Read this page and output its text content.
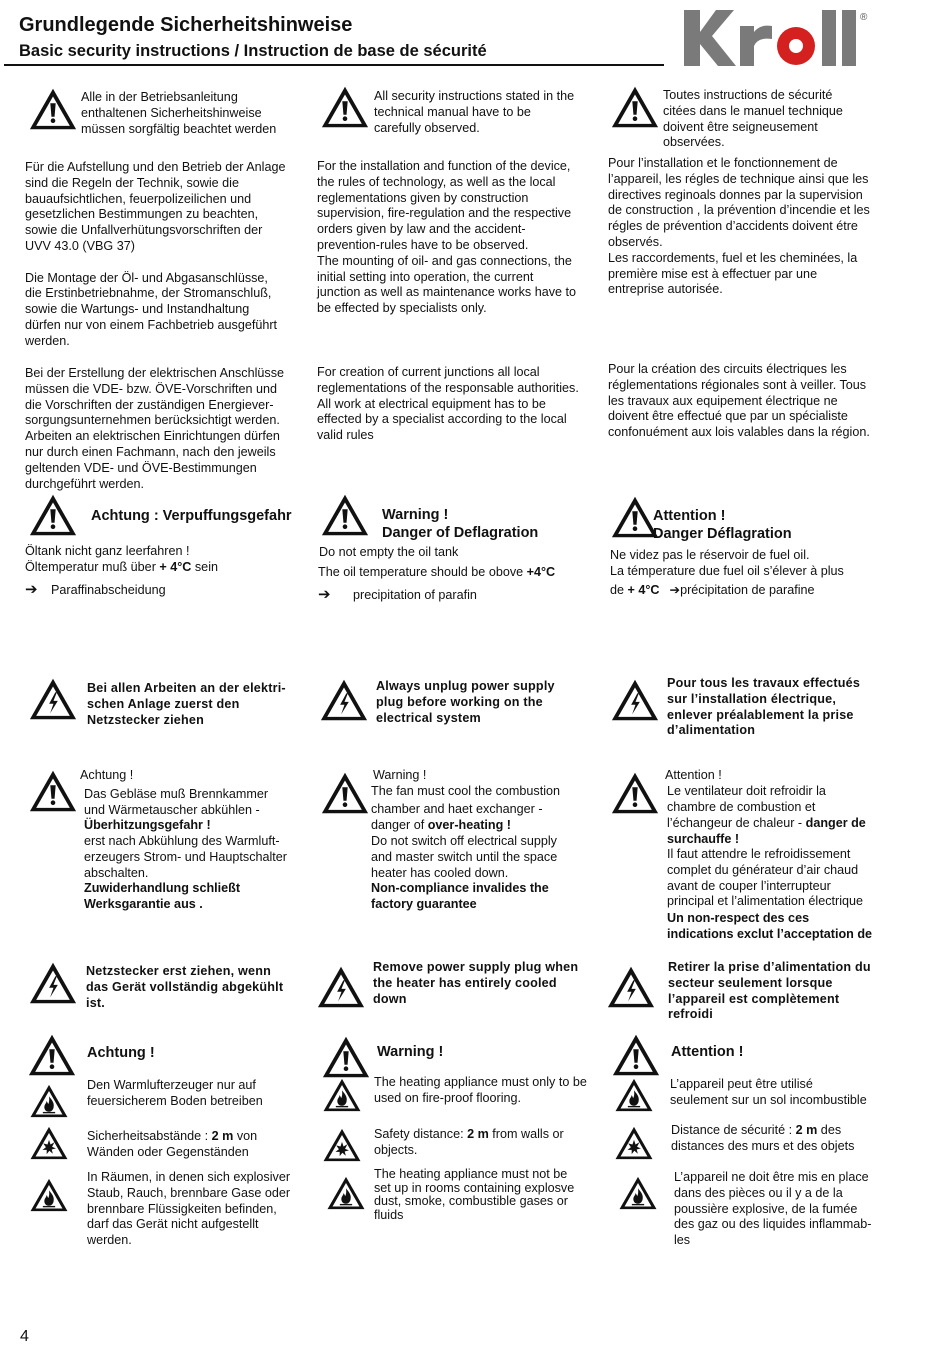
Grundlegende Sicherheitshinweise
Basic security instructions / Instruction de base de sécurité
®
Alle in der Betriebsanleitung
enthaltenen Sicherheitshinweise
müssen sorgfältig beachtet werden
All security instructions stated in the
technical manual have to be
carefully observed.
Toutes instructions de sécurité
citées dans le manuel technique
doivent être seigneusement
observées.
Für die Aufstellung und den Betrieb der Anlage
sind die Regeln der Technik, sowie die
bauaufsichtlichen, feuerpolizeilichen und
gesetzlichen Bestimmungen zu beachten,
sowie die Unfallverhütungsvorschriften der
UVV 43.0 (VBG 37)

Die Montage der Öl- und Abgasanschlüsse,
die Erstinbetriebnahme, der Stromanschluß,
sowie die Wartungs- und Instandhaltung
dürfen nur von einem Fachbetrieb ausgeführt
werden.
For the installation and function of the device,
the rules of technology, as well as the local
reglementations given by construction
supervision, fire-regulation and the respective
orders given by law and the accident-
prevention-rules have to be observed.
The mounting of oil- and gas connections, the
initial setting into operation, the current
junction as well as maintenance works have to
be effected by specialists only.
Pour l’installation et le fonctionnement de
l’appareil, les régles de technique ainsi que les
directives reginoals donnes par la supervision
de construction , la prévention d’incendie et les
régles de prévention d’accidents doivent étre
observés.
Les raccordements, fuel et les cheminées, la
première mise est à effectuer par une
entreprise autorisée.
Bei der Erstellung der elektrischen Anschlüsse
müssen die VDE- bzw. ÖVE-Vorschriften und
die Vorschriften der zuständigen Energiever-
sorgungsunternehmen berücksichtigt werden.
Arbeiten an elektrischen Einrichtungen dürfen
nur durch einen Fachmann, nach den jeweils
geltenden VDE- und ÖVE-Bestimmungen
durchgeführt werden.
For creation of current junctions all local
reglementations of the responsable authorities.
All work at electrical equipment has to be
effected by a specialist according to the local
valid rules
Pour la création des circuits électriques les
réglementations régionales sont à veiller. Tous
les travaux aux equipement électrique ne
doivent être effectué que par un spécialiste
confonuément aux lois valables dans la région.
Achtung : Verpuffungsgefahr
Öltank nicht ganz leerfahren !
Öltemperatur muß über + 4°C sein
➔ Paraffinabscheidung
Warning !
Danger of Deflagration
Do not empty the oil tank
The oil temperature should be obove +4°C
➔ precipitation of parafin
Attention !
Danger Déflagration
Ne videz pas le réservoir de fuel oil.
La témperature due fuel oil s’élever à plus
de + 4°C ➔précipitation de parafine
Bei allen Arbeiten an der elektri-
schen Anlage zuerst den
Netzstecker ziehen
Always unplug power supply
plug before working on the
electrical system
Pour tous les travaux effectués
sur l’installation électrique,
enlever préalablement la prise
d’alimentation
Achtung !
Das Gebläse muß Brennkammer
und Wärmetauscher abkühlen -
Überhitzungsgefahr !
erst nach Abkühlung des Warmluft-
erzeugers Strom- und Hauptschalter
abschalten.
Zuwiderhandlung schließt
Werksgarantie aus .
Warning !
The fan must cool the combustion
chamber and haet exchanger -
danger of over-heating !
Do not switch off electrical supply
and master switch until the space
heater has cooled down.
Non-compliance invalides the
factory guarantee
Attention !
Le ventilateur doit refroidir la
chambre de combustion et
l’échangeur de chaleur - danger de
surchauffe !
Il faut attendre le refroidissement
complet du générateur d’air chaud
avant de couper l’interrupteur
principal et l’alimentation électrique
Un non-respect des ces
indications exclut l’acceptation de
Netzstecker erst ziehen, wenn
das Gerät vollständig abgekühlt
ist.
Remove power supply plug when
the heater has entirely cooled
down
Retirer la prise d’alimentation du
secteur seulement lorsque
l’appareil est complètement
refroidi
Achtung !
Den Warmlufterzeuger nur auf
feuersicherem Boden betreiben
Sicherheitsabstände : 2 m von
Wänden oder Gegenständen
In Räumen, in denen sich explosiver
Staub, Rauch, brennbare Gase oder
brennbare Flüssigkeiten befinden,
darf das Gerät nicht aufgestellt
werden.
Warning !
The heating appliance must only to be
used on fire-proof flooring.
Safety distance: 2 m from walls or
objects.
The heating appliance must not be
set up in rooms containing explosve
dust, smoke, combustible gases or
fluids
Attention !
L’appareil peut être utilisé
seulement sur un sol incombustible
Distance de sécurité : 2 m des
distances des murs et des objets
L’appareil ne doit être mis en place
dans des pièces ou il y a de la
poussière explosive, de la fumée
des gaz ou des liquides inflammab-
les
4
